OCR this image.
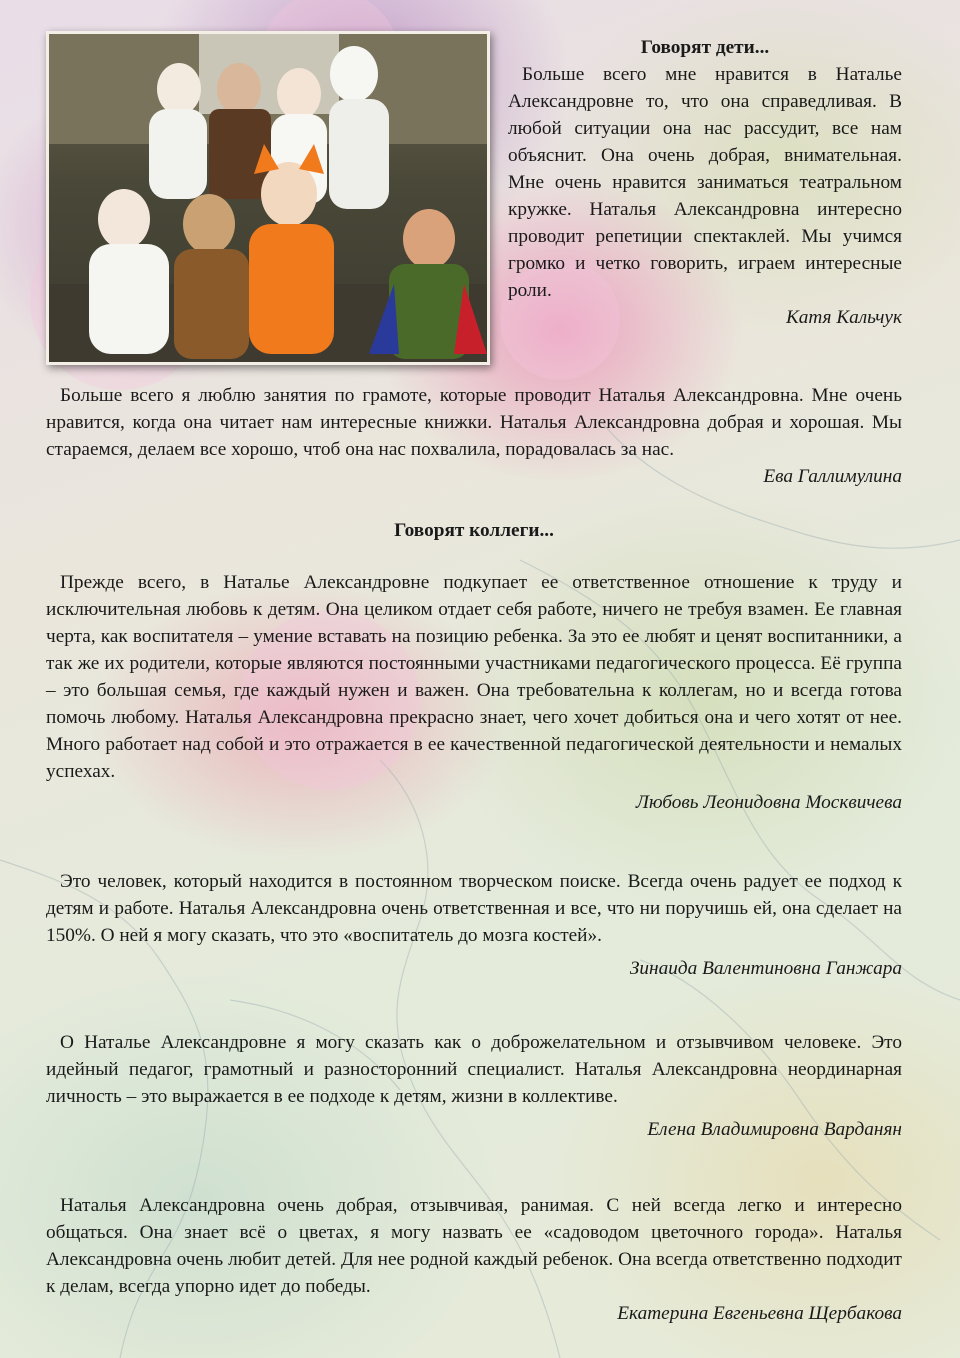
Говорят дети...

Больше всего мне нравится в Наталье Александровне то, что она справедливая. В любой ситуации она нас рассудит, все нам объяснит. Она очень добрая, внимательная. Мне очень нравится заниматься театральном кружке. Наталья Александровна интересно проводит репетиции спектаклей. Мы учимся громко и четко говорить, играем интересные роли.

Катя Кальчук

Больше всего я люблю занятия по грамоте, которые проводит Наталья Александровна. Мне очень нравится, когда она читает нам интересные книжки. Наталья Александровна добрая и хорошая. Мы стараемся, делаем все хорошо, чтоб она нас похвалила, порадовалась за нас.

Ева Галлимулина

Говорят коллеги...

Прежде всего, в Наталье Александровне подкупает ее ответственное отношение к труду и исключительная любовь к детям. Она целиком отдает себя работе, ничего не требуя взамен. Ее главная черта, как воспитателя – умение вставать на позицию ребенка. За это ее любят и ценят воспитанники, а так же их родители, которые являются постоянными участниками педагогического процесса. Её группа – это большая семья, где каждый нужен и важен. Она требовательна к коллегам, но и всегда готова помочь любому. Наталья Александровна прекрасно знает, чего хочет добиться она и чего хотят от нее. Много работает над собой и это отражается в ее качественной педагогической деятельности и немалых успехах.

Любовь Леонидовна Москвичева

Это человек, который находится в постоянном творческом поиске. Всегда очень радует ее подход к детям и работе. Наталья Александровна очень ответственная и все, что ни поручишь ей, она сделает на 150%. О ней я могу сказать, что это «воспитатель до мозга костей».

Зинаида Валентиновна Ганжара

О Наталье Александровне я могу сказать как о доброжелательном и отзывчивом человеке. Это идейный педагог, грамотный и разносторонний специалист. Наталья Александровна неординарная личность – это выражается в ее подходе к детям, жизни в коллективе.

Елена Владимировна Варданян

Наталья Александровна очень добрая, отзывчивая, ранимая. С ней всегда легко и интересно общаться. Она знает всё о цветах, я могу назвать ее «садоводом цветочного города». Наталья Александровна очень любит детей. Для нее родной каждый ребенок. Она всегда ответственно подходит к делам, всегда упорно идет до победы.

Екатерина Евгеньевна Щербакова
